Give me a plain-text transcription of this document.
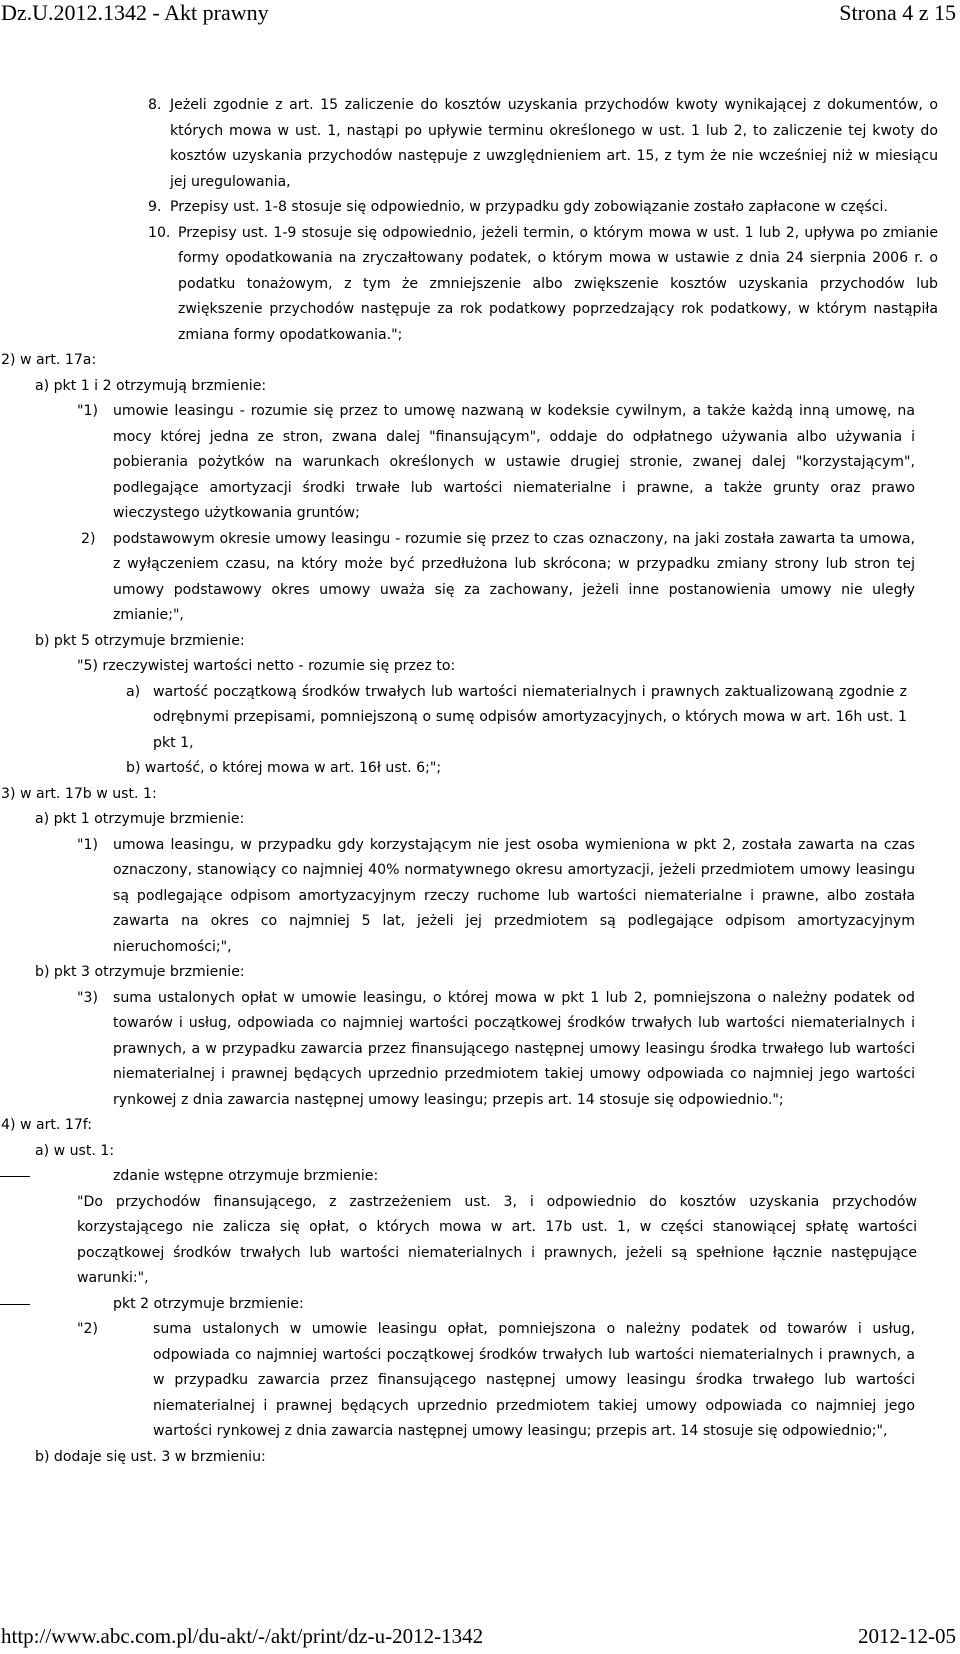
Dz.U.2012.1342 - Akt prawny	Strona 4 z 15
8. Jeżeli zgodnie z art. 15 zaliczenie do kosztów uzyskania przychodów kwoty wynikającej z dokumentów, o których mowa w ust. 1, nastąpi po upływie terminu określonego w ust. 1 lub 2, to zaliczenie tej kwoty do kosztów uzyskania przychodów następuje z uwzględnieniem art. 15, z tym że nie wcześniej niż w miesiącu jej uregulowania,
9. Przepisy ust. 1-8 stosuje się odpowiednio, w przypadku gdy zobowiązanie zostało zapłacone w części.
10. Przepisy ust. 1-9 stosuje się odpowiednio, jeżeli termin, o którym mowa w ust. 1 lub 2, upływa po zmianie formy opodatkowania na zryczałtowany podatek, o którym mowa w ustawie z dnia 24 sierpnia 2006 r. o podatku tonażowym, z tym że zmniejszenie albo zwiększenie kosztów uzyskania przychodów lub zwiększenie przychodów następuje za rok podatkowy poprzedzający rok podatkowy, w którym nastąpiła zmiana formy opodatkowania.";
2) w art. 17a:
a) pkt 1 i 2 otrzymują brzmienie:
"1) umowie leasingu - rozumie się przez to umowę nazwaną w kodeksie cywilnym, a także każdą inną umowę, na mocy której jedna ze stron, zwana dalej "finansującym", oddaje do odpłatnego używania albo używania i pobierania pożytków na warunkach określonych w ustawie drugiej stronie, zwanej dalej "korzystającym", podlegające amortyzacji środki trwałe lub wartości niematerialne i prawne, a także grunty oraz prawo wieczystego użytkowania gruntów;
2) podstawowym okresie umowy leasingu - rozumie się przez to czas oznaczony, na jaki została zawarta ta umowa, z wyłączeniem czasu, na który może być przedłużona lub skrócona; w przypadku zmiany strony lub stron tej umowy podstawowy okres umowy uważa się za zachowany, jeżeli inne postanowienia umowy nie uległy zmianie;",
b) pkt 5 otrzymuje brzmienie:
"5) rzeczywistej wartości netto - rozumie się przez to:
a) wartość początkową środków trwałych lub wartości niematerialnych i prawnych zaktualizowaną zgodnie z odrębnymi przepisami, pomniejszoną o sumę odpisów amortyzacyjnych, o których mowa w art. 16h ust. 1 pkt 1,
b) wartość, o której mowa w art. 16ł ust. 6;";
3) w art. 17b w ust. 1:
a) pkt 1 otrzymuje brzmienie:
"1) umowa leasingu, w przypadku gdy korzystającym nie jest osoba wymieniona w pkt 2, została zawarta na czas oznaczony, stanowiący co najmniej 40% normatywnego okresu amortyzacji, jeżeli przedmiotem umowy leasingu są podlegające odpisom amortyzacyjnym rzeczy ruchome lub wartości niematerialne i prawne, albo została zawarta na okres co najmniej 5 lat, jeżeli jej przedmiotem są podlegające odpisom amortyzacyjnym nieruchomości;",
b) pkt 3 otrzymuje brzmienie:
"3) suma ustalonych opłat w umowie leasingu, o której mowa w pkt 1 lub 2, pomniejszona o należny podatek od towarów i usług, odpowiada co najmniej wartości początkowej środków trwałych lub wartości niematerialnych i prawnych, a w przypadku zawarcia przez finansującego następnej umowy leasingu środka trwałego lub wartości niematerialnej i prawnej będących uprzednio przedmiotem takiej umowy odpowiada co najmniej jego wartości rynkowej z dnia zawarcia następnej umowy leasingu; przepis art. 14 stosuje się odpowiednio.";
4) w art. 17f:
a) w ust. 1:
zdanie wstępne otrzymuje brzmienie:
"Do przychodów finansującego, z zastrzeżeniem ust. 3, i odpowiednio do kosztów uzyskania przychodów korzystającego nie zalicza się opłat, o których mowa w art. 17b ust. 1, w części stanowiącej spłatę wartości początkowej środków trwałych lub wartości niematerialnych i prawnych, jeżeli są spełnione łącznie następujące warunki:",
pkt 2 otrzymuje brzmienie:
"2)	suma ustalonych w umowie leasingu opłat, pomniejszona o należny podatek od towarów i usług, odpowiada co najmniej wartości początkowej środków trwałych lub wartości niematerialnych i prawnych, a w przypadku zawarcia przez finansującego następnej umowy leasingu środka trwałego lub wartości niematerialnej i prawnej będących uprzednio przedmiotem takiej umowy odpowiada co najmniej jego wartości rynkowej z dnia zawarcia następnej umowy leasingu; przepis art. 14 stosuje się odpowiednio;",
b) dodaje się ust. 3 w brzmieniu:
http://www.abc.com.pl/du-akt/-/akt/print/dz-u-2012-1342	2012-12-05
